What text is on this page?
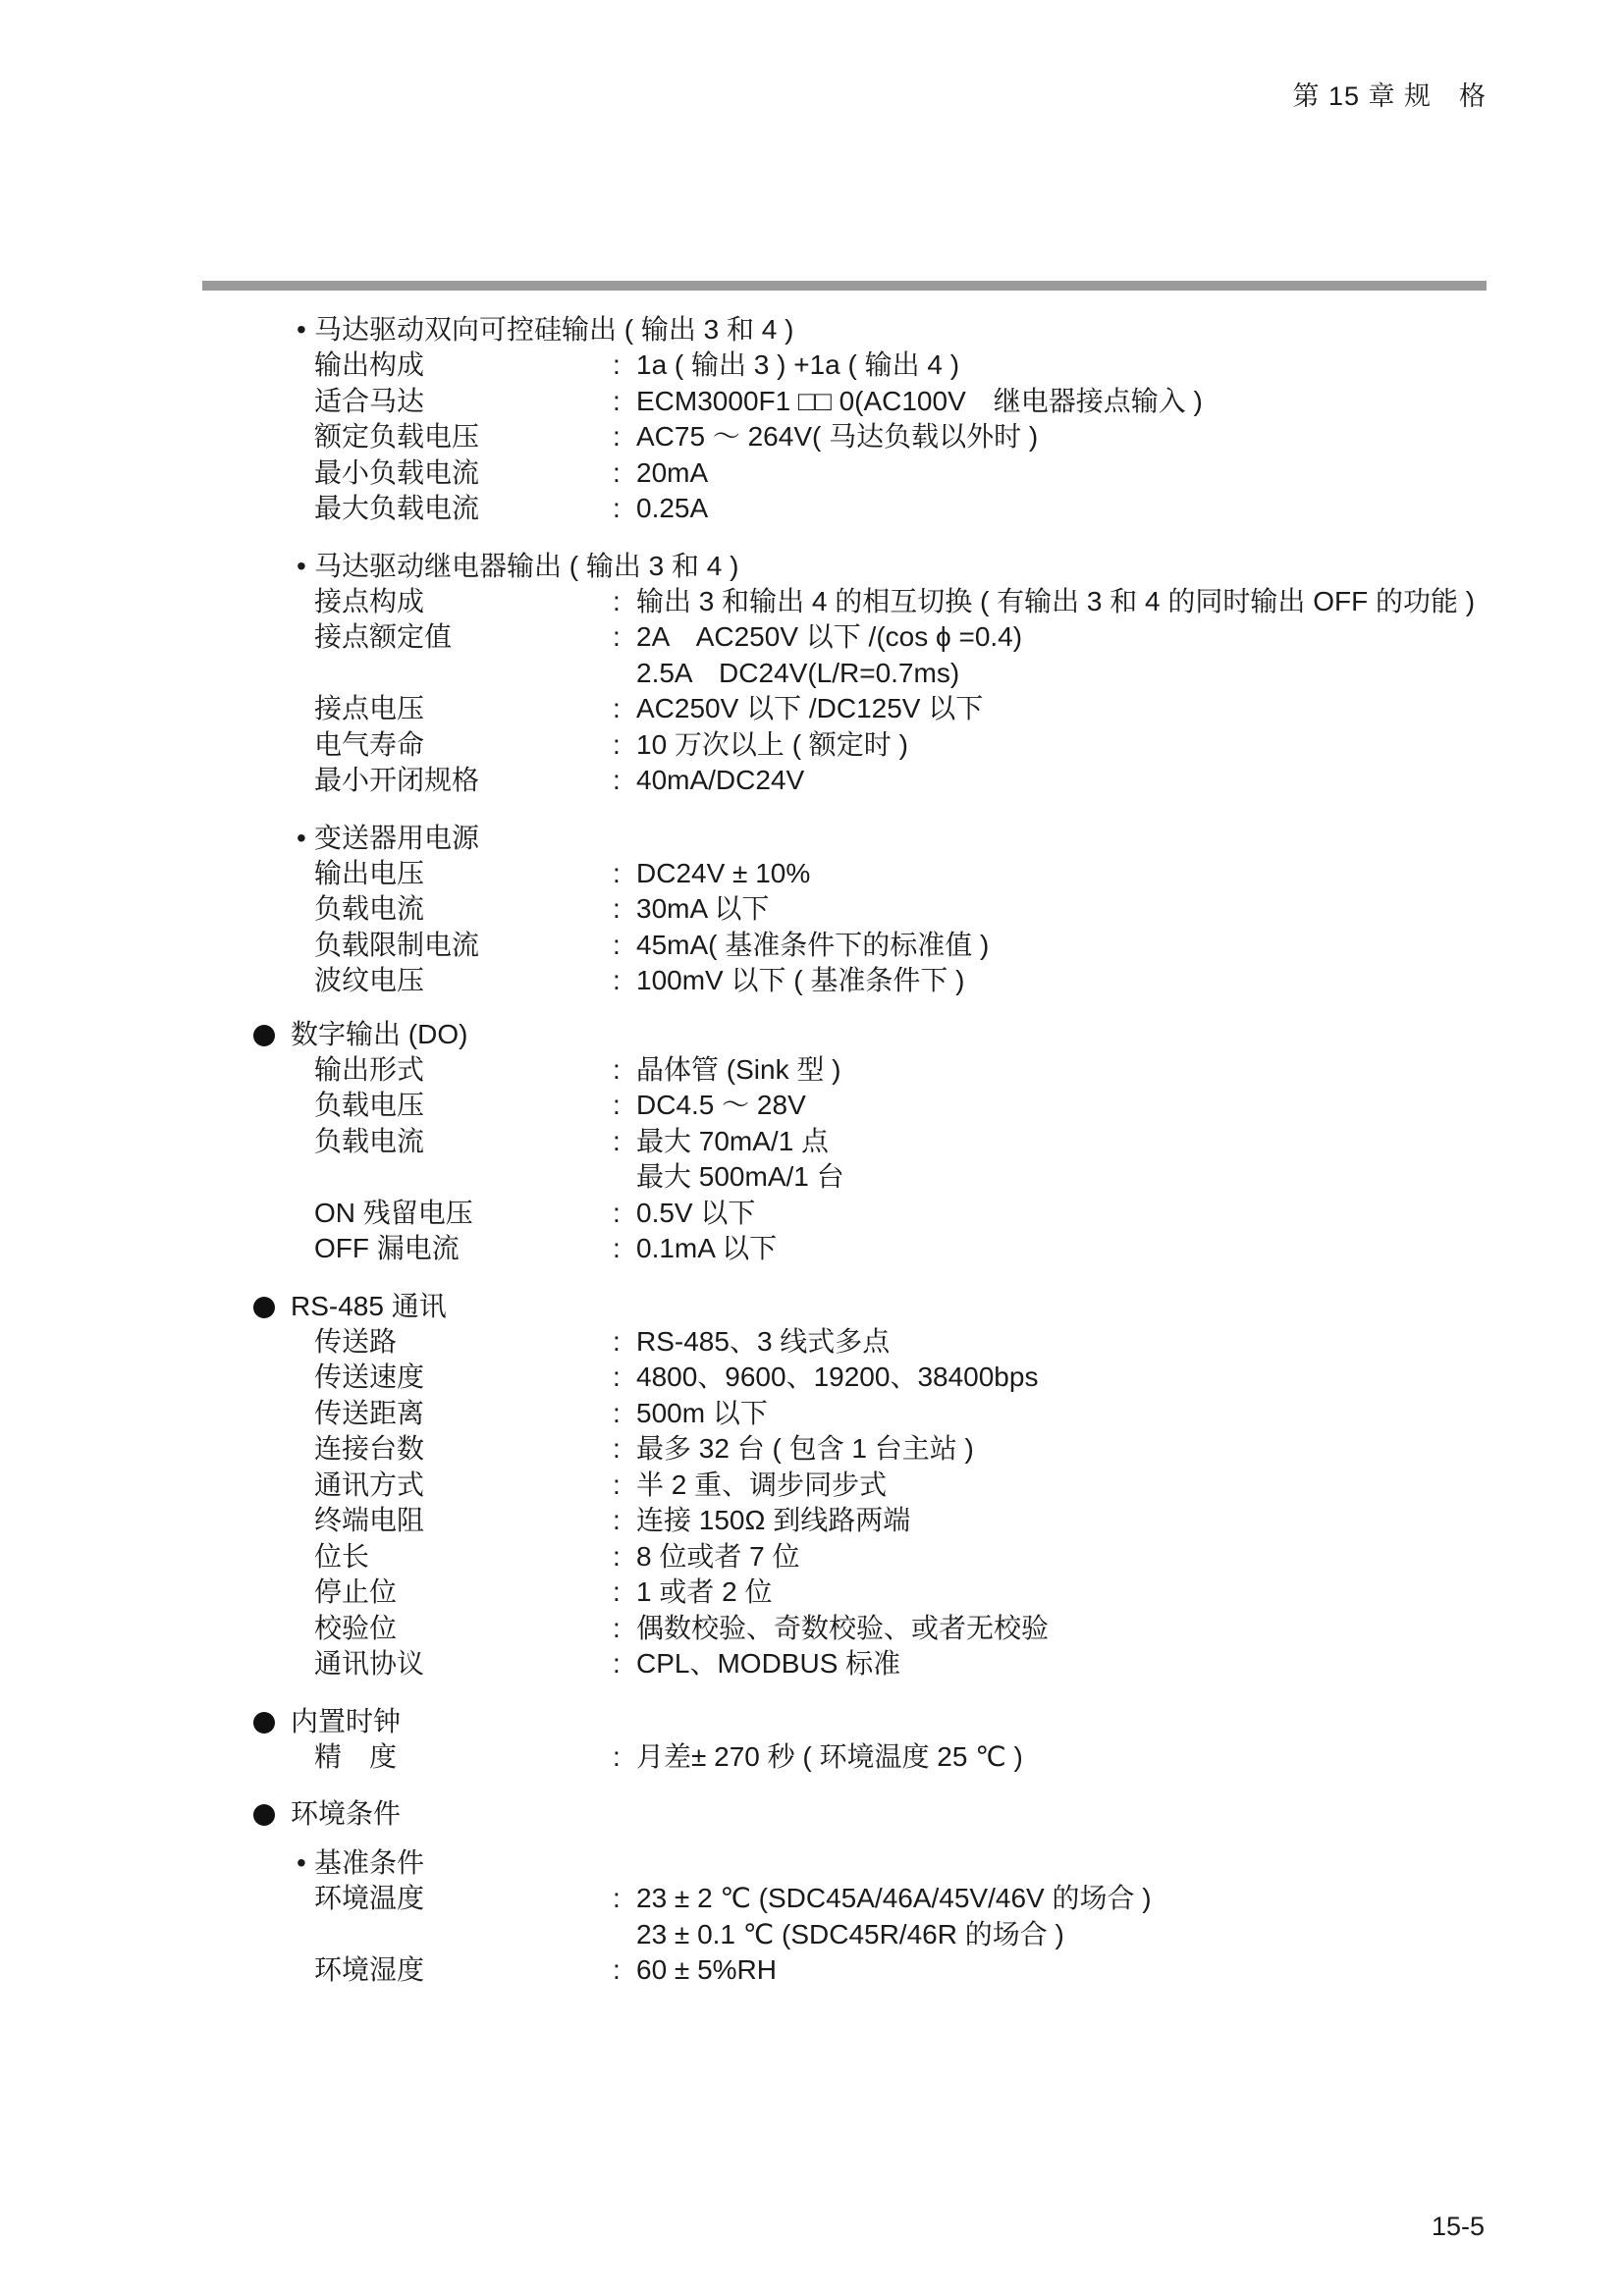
第 15 章 规　格
• 马达驱动双向可控硅输出 ( 输出 3 和 4 )
输出构成	: 1a ( 输出 3 ) +1a ( 输出 4 )
适合马达	: ECM3000F1 □□ 0(AC100V　继电器接点输入 )
额定负载电压	: AC75 ～ 264V( 马达负载以外时 )
最小负载电流	: 20mA
最大负载电流	: 0.25A
• 马达驱动继电器输出 ( 输出 3 和 4 )
接点构成	: 输出 3 和输出 4 的相互切换 ( 有输出 3 和 4 的同时输出 OFF 的功能 )
接点额定值	: 2A　AC250V 以下 /(cos ϕ =0.4)
2.5A　DC24V(L/R=0.7ms)
接点电压	: AC250V 以下 /DC125V 以下
电气寿命	: 10 万次以上 ( 额定时 )
最小开闭规格	: 40mA/DC24V
• 变送器用电源
输出电压	: DC24V ± 10%
负载电流	: 30mA 以下
负载限制电流	: 45mA( 基准条件下的标准值 )
波纹电压	: 100mV 以下 ( 基准条件下 )
数字输出 (DO)
输出形式	: 晶体管 (Sink 型 )
负载电压	: DC4.5 ～ 28V
负载电流	: 最大 70mA/1 点
最大 500mA/1 台
ON 残留电压	: 0.5V 以下
OFF 漏电流	: 0.1mA 以下
RS-485 通讯
传送路	: RS-485、3 线式多点
传送速度	: 4800、9600、19200、38400bps
传送距离	: 500m 以下
连接台数	: 最多 32 台 ( 包含 1 台主站 )
通讯方式	: 半 2 重、调步同步式
终端电阻	: 连接 150Ω 到线路两端
位长	: 8 位或者 7 位
停止位	: 1 或者 2 位
校验位	: 偶数校验、奇数校验、或者无校验
通讯协议	: CPL、MODBUS 标准
内置时钟
精　度	: 月差± 270 秒 ( 环境温度 25 ℃ )
环境条件
• 基准条件
环境温度	: 23 ± 2 ℃ (SDC45A/46A/45V/46V 的场合 )
23 ± 0.1 ℃ (SDC45R/46R 的场合 )
环境湿度	: 60 ± 5%RH
15-5
